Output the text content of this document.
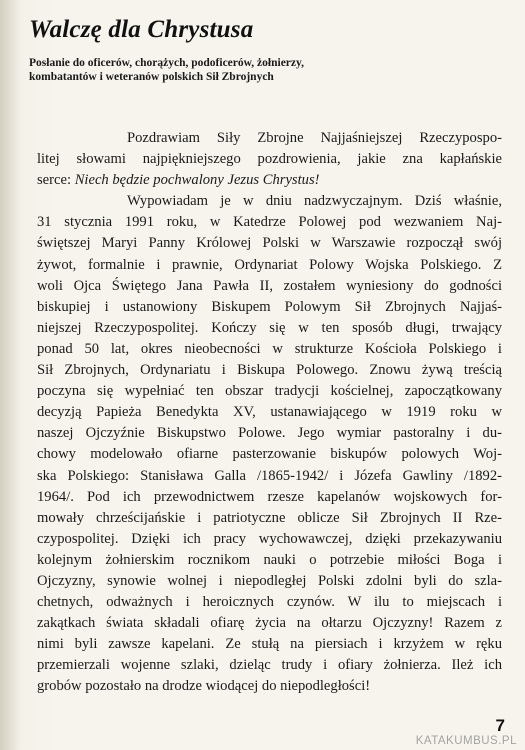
Walczę dla Chrystusa
Posłanie do oficerów, chorążych, podoficerów, żołnierzy,
kombatantów i weteranów polskich Sił Zbrojnych
Pozdrawiam Siły Zbrojne Najjaśniejszej Rzeczypospo-
litej słowami najpiękniejszego pozdrowienia, jakie zna kapłańskie
serce: Niech będzie pochwalony Jezus Chrystus!
Wypowiadam je w dniu nadzwyczajnym. Dziś właśnie,
31 stycznia 1991 roku, w Katedrze Polowej pod wezwaniem Naj-
świętszej Maryi Panny Królowej Polski w Warszawie rozpoczął swój
żywot, formalnie i prawnie, Ordynariat Polowy Wojska Polskiego. Z
woli Ojca Świętego Jana Pawła II, zostałem wyniesiony do godności
biskupiej i ustanowiony Biskupem Polowym Sił Zbrojnych Najjaś-
niejszej Rzeczypospolitej. Kończy się w ten sposób długi, trwający
ponad 50 lat, okres nieobecności w strukturze Kościoła Polskiego i
Sił Zbrojnych, Ordynariatu i Biskupa Polowego. Znowu żywą treścią
poczyna się wypełniać ten obszar tradycji kościelnej, zapoczątkowany
decyzją Papieża Benedykta XV, ustanawiającego w 1919 roku w
naszej Ojczyźnie Biskupstwo Polowe. Jego wymiar pastoralny i du-
chowy modelowało ofiarne pasterzowanie biskupów polowych Woj-
ska Polskiego: Stanisława Galla /1865-1942/ i Józefa Gawliny /1892-
1964/. Pod ich przewodnictwem rzesze kapelanów wojskowych for-
mowały chrześcijańskie i patriotyczne oblicze Sił Zbrojnych II Rze-
czypospolitej. Dzięki ich pracy wychowawczej, dzięki przekazywaniu
kolejnym żołnierskim rocznikom nauki o potrzebie miłości Boga i
Ojczyzny, synowie wolnej i niepodległej Polski zdolni byli do szla-
chetnych, odważnych i heroicznych czynów. W ilu to miejscach i
zakątkach świata składali ofiarę życia na ołtarzu Ojczyzny! Razem z
nimi byli zawsze kapelani. Ze stułą na piersiach i krzyżem w ręku
przemierzali wojenne szlaki, dzieląc trudy i ofiary żołnierza. Ileż ich
grobów pozostało na drodze wiodącej do niepodległości!
7
KATAKUMBUS.PL
